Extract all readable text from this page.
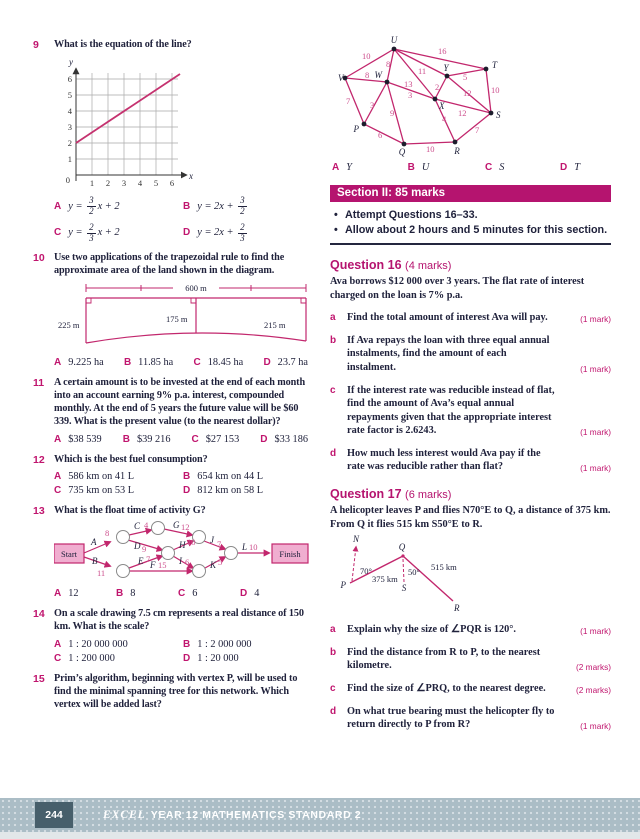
9	What is the equation of the line?
y
x
0 1 2 3 4 5 6
1
2
3
4
5
6
A $y = \frac{3}{2}$ x + 2	B $y = 2x + \frac{3}{2}$
C $y = \frac{2}{3}$ x + 2	D $y = 2x + \frac{2}{3}$
10 Use two applications of the trapezoidal rule to find the approximate area of the land shown in the diagram.
600 m
225 m
175 m
215 m
A 9.225 ha B 11.85 ha C 18.45 ha D 23.7 ha
11 A certain amount is to be invested at the end of each month into an account earning 9% p.a. interest, compounded monthly. At the end of 5 years the future value will be $60 339. What is the present value (to the nearest dollar)?
A $38 539 B $39 216 C $27 153 D $33 186
12 Which is the best fuel consumption?
A 586 km on 41 L	B 654 km on 44 L
C 735 km on 53 L	D 812 km on 58 L
13 What is the float time of activity G?
Start	Finish
A
8
B
11
C 4
D 9
E 7
F 15
G 12
H 10
I 6
J 7
K 5
L 10
A 12	B 8	C 6	D 4
14 On a scale drawing 7.5 cm represents a real distance of 150 km. What is the scale?
A 1 : 20 000 000	B 1 : 2 000 000
C 1 : 200 000	D 1 : 20 000
15 Prim’s algorithm, beginning with vertex P, will be used to find the minimal spanning tree for this network. Which vertex will be added last?
U
T
V	W
Y
X
S
P
Q	R
10	16
8
11
13
8
7 3
9
3
2
5
12 10
12
4
6
10
7
A Y	B U	C S	D T
Section II: 85 marks
• Attempt Questions 16–33.
• Allow about 2 hours and 5 minutes for this section.
Question 16 (4 marks)
Ava borrows $12 000 over 3 years. The flat rate of interest charged on the loan is 7% p.a.
a	Find the total amount of interest Ava will pay.	(1 mark)
b	If Ava repays the loan with three equal annual instalments, find the amount of each instalment.	(1 mark)
c	If the interest rate was reducible instead of flat, find the amount of Ava’s equal annual repayments given that the appropriate interest rate factor is 2.6243.	(1 mark)
d	How much less interest would Ava pay if the rate was reducible rather than flat?	(1 mark)
Question 17 (6 marks)
A helicopter leaves P and flies N70°E to Q, a distance of 375 km. From Q it flies 515 km S50°E to R.
N
P
Q
R
S
70°	50°
375 km
515 km
a	Explain why the size of ∠PQR is 120°.	(1 mark)
b	Find the distance from R to P, to the nearest kilometre.	(2 marks)
c	Find the size of ∠PRQ, to the nearest degree.	(2 marks)
d	On what true bearing must the helicopter fly to return directly to P from R?	(1 mark)
244	EXCEL YEAR 12 MATHEMATICS STANDARD 2
